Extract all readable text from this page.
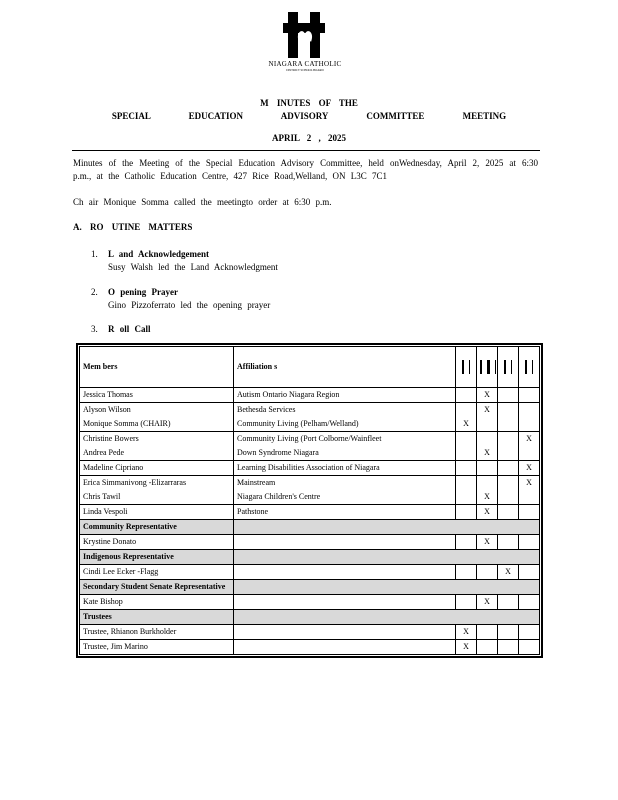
NIAGARA CATHOLIC
DISTRICT SCHOOL BOARD
M INUTES OF THE
SPECIAL EDUCATION ADVISORY COMMITTEE MEETING
APRIL 2 , 2025
Minutes of the Meeting of the Special Education Advisory Committee, held onWednesday, April 2, 2025 at 6:30 p.m., at the Catholic Education Centre, 427 Rice Road,Welland, ON L3C 7C1
Ch air Monique Somma called the meetingto order at 6:30 p.m.
A. RO UTINE MATTERS
1.	L and Acknowledgement
Susy Walsh led the Land Acknowledgment
2.	O pening Prayer
Gino Pizzoferrato led the opening prayer
3.	R oll Call
Mem bers	Affiliation s				
Jessica Thomas	Autism Ontario Niagara Region		X		
Alyson Wilson	Bethesda Services		X		
Monique Somma (CHAIR)	Community Living (Pelham/Welland)	X			
Christine Bowers	Community Living (Port Colborne/Wainfleet				X
Andrea Pede	Down Syndrome Niagara		X		
Madeline Cipriano	Learning Disabilities Association of Niagara				X
Erica Simmanivong -Elizarraras	Mainstream				X
Chris Tawil	Niagara Children's Centre		X		
Linda Vespoli	Pathstone		X		
Community Representative					
Krystine Donato			X		
Indigenous Representative					
Cindi Lee Ecker -Flagg				X	
Secondary Student Senate Representative					
Kate Bishop			X		
Trustees					
Trustee, Rhianon Burkholder		X			
Trustee, Jim Marino		X			
